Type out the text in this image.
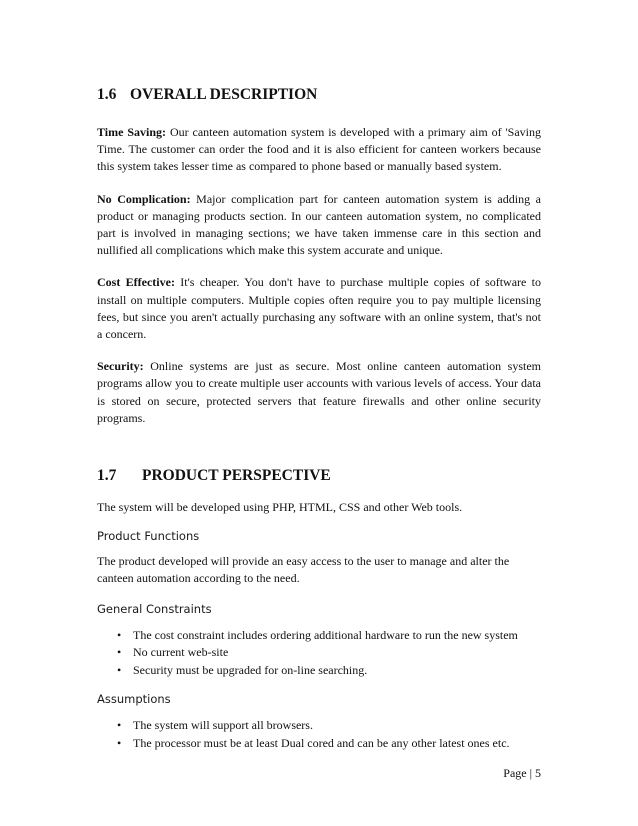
1.6 OVERALL DESCRIPTION

Time Saving: Our canteen automation system is developed with a primary aim of 'Saving Time. The customer can order the food and it is also efficient for canteen workers because this system takes lesser time as compared to phone based or manually based system.

No Complication: Major complication part for canteen automation system is adding a product or managing products section. In our canteen automation system, no complicated part is involved in managing sections; we have taken immense care in this section and nullified all complications which make this system accurate and unique.

Cost Effective: It's cheaper. You don't have to purchase multiple copies of software to install on multiple computers. Multiple copies often require you to pay multiple licensing fees, but since you aren't actually purchasing any software with an online system, that's not a concern.

Security: Online systems are just as secure. Most online canteen automation system programs allow you to create multiple user accounts with various levels of access. Your data is stored on secure, protected servers that feature firewalls and other online security programs.

1.7 PRODUCT PERSPECTIVE

The system will be developed using PHP, HTML, CSS and other Web tools.

Product Functions

The product developed will provide an easy access to the user to manage and alter the canteen automation according to the need.

General Constraints

• The cost constraint includes ordering additional hardware to run the new system
• No current web-site
• Security must be upgraded for on-line searching.

Assumptions

• The system will support all browsers.
• The processor must be at least Dual cored and can be any other latest ones etc.
Page | 5
